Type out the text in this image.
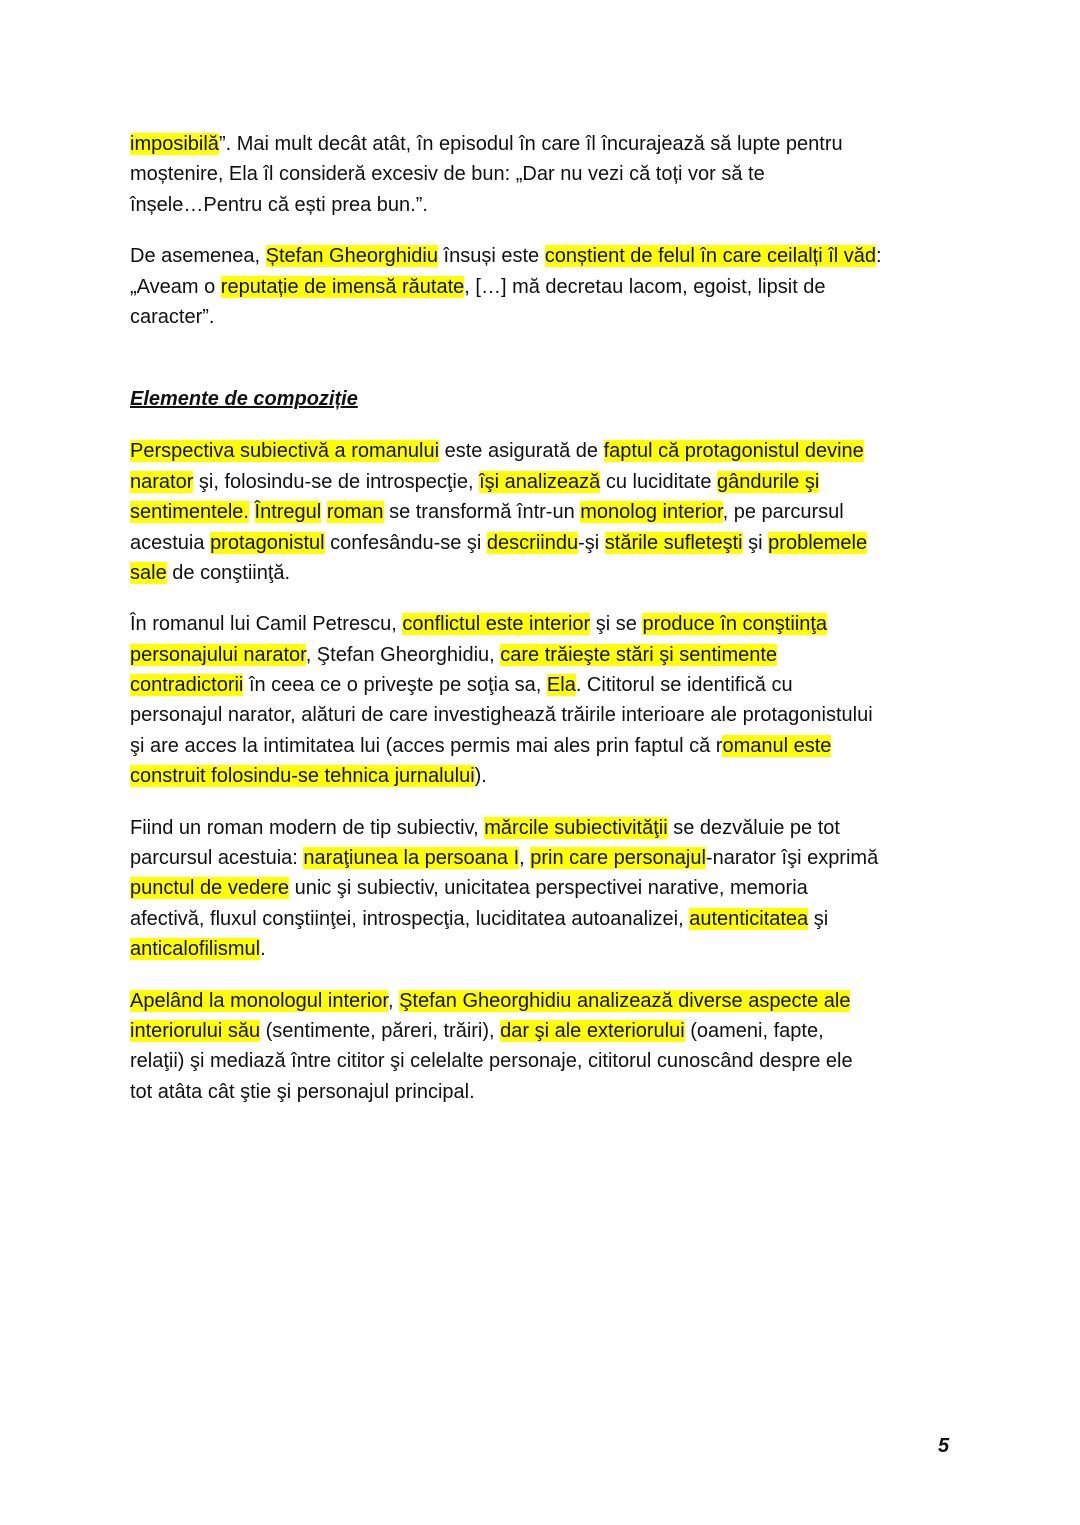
imposibilă”. Mai mult decât atât, în episodul în care îl încurajează să lupte pentru
moștenire, Ela îl consideră excesiv de bun: „Dar nu vezi că toți vor să te
înșele…Pentru că ești prea bun.”.
De asemenea, Ștefan Gheorghidiu însuși este conștient de felul în care ceilalți îl văd:
„Aveam o reputație de imensă răutate, […] mă decretau lacom, egoist, lipsit de
caracter”.
Elemente de compoziție
Perspectiva subiectivă a romanului este asigurată de faptul că protagonistul devine
narator şi, folosindu-se de introspecţie, îşi analizează cu luciditate gândurile şi
sentimentele. Întregul roman se transformă într-un monolog interior, pe parcursul
acestuia protagonistul confesându-se şi descriindu-şi stările sufleteşti şi problemele
sale de conştiinţă.
În romanul lui Camil Petrescu, conflictul este interior şi se produce în conştiinţa
personajului narator, Ştefan Gheorghidiu, care trăieşte stări şi sentimente
contradictorii în ceea ce o priveşte pe soţia sa, Ela. Cititorul se identifică cu
personajul narator, alături de care investighează trăirile interioare ale protagonistului
şi are acces la intimitatea lui (acces permis mai ales prin faptul că romanul este
construit folosindu-se tehnica jurnalului).
Fiind un roman modern de tip subiectiv, mărcile subiectivităţii se dezvăluie pe tot
parcursul acestuia: naraţiunea la persoana I, prin care personajul-narator îşi exprimă
punctul de vedere unic şi subiectiv, unicitatea perspectivei narative, memoria
afectivă, fluxul conştiinţei, introspecţia, luciditatea autoanalizei, autenticitatea şi
anticalofilismul.
Apelând la monologul interior, Ştefan Gheorghidiu analizează diverse aspecte ale
interiorului său (sentimente, păreri, trăiri), dar şi ale exteriorului (oameni, fapte,
relaţii) şi mediază între cititor şi celelalte personaje, cititorul cunoscând despre ele
tot atâta cât ştie şi personajul principal.
5
